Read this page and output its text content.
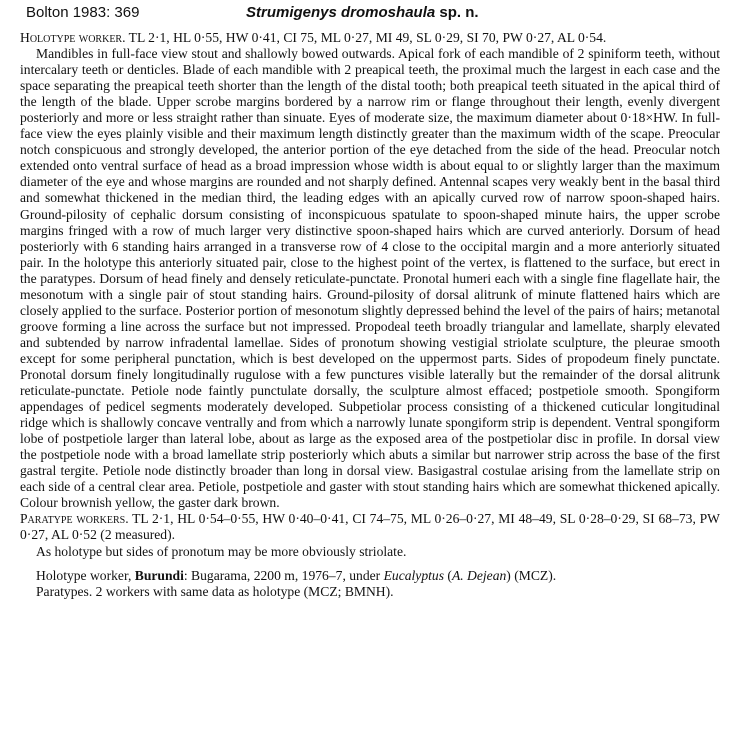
Bolton 1983: 369	Strumigenys dromoshaula sp. n.

Holotype worker. TL 2·1, HL 0·55, HW 0·41, CI 75, ML 0·27, MI 49, SL 0·29, SI 70, PW 0·27, AL 0·54.

Mandibles in full-face view stout and shallowly bowed outwards. Apical fork of each mandible of 2 spiniform teeth, without intercalary teeth or denticles. Blade of each mandible with 2 preapical teeth, the proximal much the largest in each case and the space separating the preapical teeth shorter than the length of the distal tooth; both preapical teeth situated in the apical third of the length of the blade. Upper scrobe margins bordered by a narrow rim or flange throughout their length, evenly divergent posteriorly and more or less straight rather than sinuate. Eyes of moderate size, the maximum diameter about 0·18×HW. In full-face view the eyes plainly visible and their maximum length distinctly greater than the maximum width of the scape. Preocular notch conspicuous and strongly developed, the anterior portion of the eye detached from the side of the head. Preocular notch extended onto ventral surface of head as a broad impression whose width is about equal to or slightly larger than the maximum diameter of the eye and whose margins are rounded and not sharply defined. Antennal scapes very weakly bent in the basal third and somewhat thickened in the median third, the leading edges with an apically curved row of narrow spoon-shaped hairs. Ground-pilosity of cephalic dorsum consisting of inconspicuous spatulate to spoon-shaped minute hairs, the upper scrobe margins fringed with a row of much larger very distinctive spoon-shaped hairs which are curved anteriorly. Dorsum of head posteriorly with 6 standing hairs arranged in a transverse row of 4 close to the occipital margin and a more anteriorly situated pair. In the holotype this anteriorly situated pair, close to the highest point of the vertex, is flattened to the surface, but erect in the paratypes. Dorsum of head finely and densely reticulate-punctate. Pronotal humeri each with a single fine flagellate hair, the mesonotum with a single pair of stout standing hairs. Ground-pilosity of dorsal alitrunk of minute flattened hairs which are closely applied to the surface. Posterior portion of mesonotum slightly depressed behind the level of the pairs of hairs; metanotal groove forming a line across the surface but not impressed. Propodeal teeth broadly triangular and lamellate, sharply elevated and subtended by narrow infradental lamellae. Sides of pronotum showing vestigial striolate sculpture, the pleurae smooth except for some peripheral punctation, which is best developed on the uppermost parts. Sides of propodeum finely punctate. Pronotal dorsum finely longitudinally rugulose with a few punctures visible laterally but the remainder of the dorsal alitrunk reticulate-punctate. Petiole node faintly punctulate dorsally, the sculpture almost effaced; postpetiole smooth. Spongiform appendages of pedicel segments moderately developed. Subpetiolar process consisting of a thickened cuticular longitudinal ridge which is shallowly concave ventrally and from which a narrowly lunate spongiform strip is dependent. Ventral spongiform lobe of postpetiole larger than lateral lobe, about as large as the exposed area of the postpetiolar disc in profile. In dorsal view the postpetiole node with a broad lamellate strip posteriorly which abuts a similar but narrower strip across the base of the first gastral tergite. Petiole node distinctly broader than long in dorsal view. Basigastral costulae arising from the lamellate strip on each side of a central clear area. Petiole, postpetiole and gaster with stout standing hairs which are somewhat thickened apically. Colour brownish yellow, the gaster dark brown.

Paratype workers. TL 2·1, HL 0·54–0·55, HW 0·40–0·41, CI 74–75, ML 0·26–0·27, MI 48–49, SL 0·28–0·29, SI 68–73, PW 0·27, AL 0·52 (2 measured).

As holotype but sides of pronotum may be more obviously striolate.

Holotype worker, Burundi: Bugarama, 2200 m, 1976–7, under Eucalyptus (A. Dejean) (MCZ).

Paratypes. 2 workers with same data as holotype (MCZ; BMNH).
